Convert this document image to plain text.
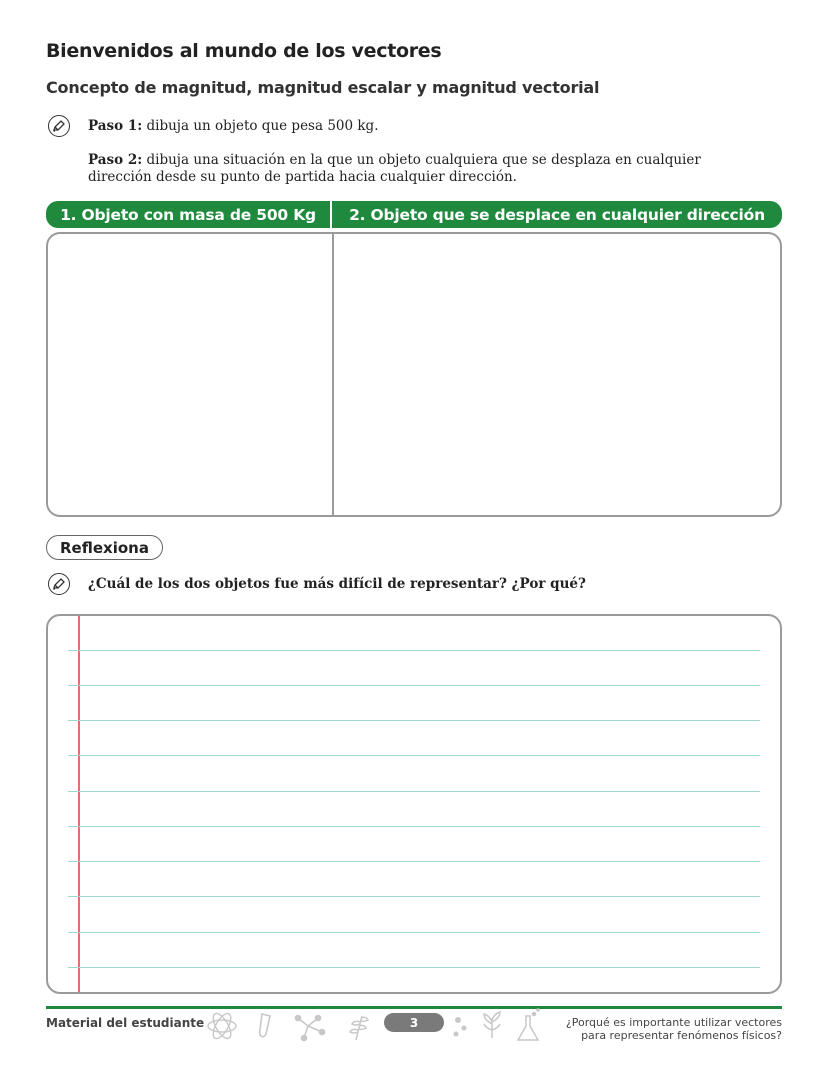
Bienvenidos al mundo de los vectores
Concepto de magnitud, magnitud escalar y magnitud vectorial
Paso 1: dibuja un objeto que pesa 500 kg.
Paso 2: dibuja una situación en la que un objeto cualquiera que se desplaza en cualquier
dirección desde su punto de partida hacia cualquier dirección.
1. Objeto con masa de 500 Kg	2. Objeto que se desplace en cualquier dirección
Reflexiona
¿Cuál de los dos objetos fue más difícil de representar? ¿Por qué?
Material del estudiante	3	¿Porqué es importante utilizar vectores
para representar fenómenos físicos?
